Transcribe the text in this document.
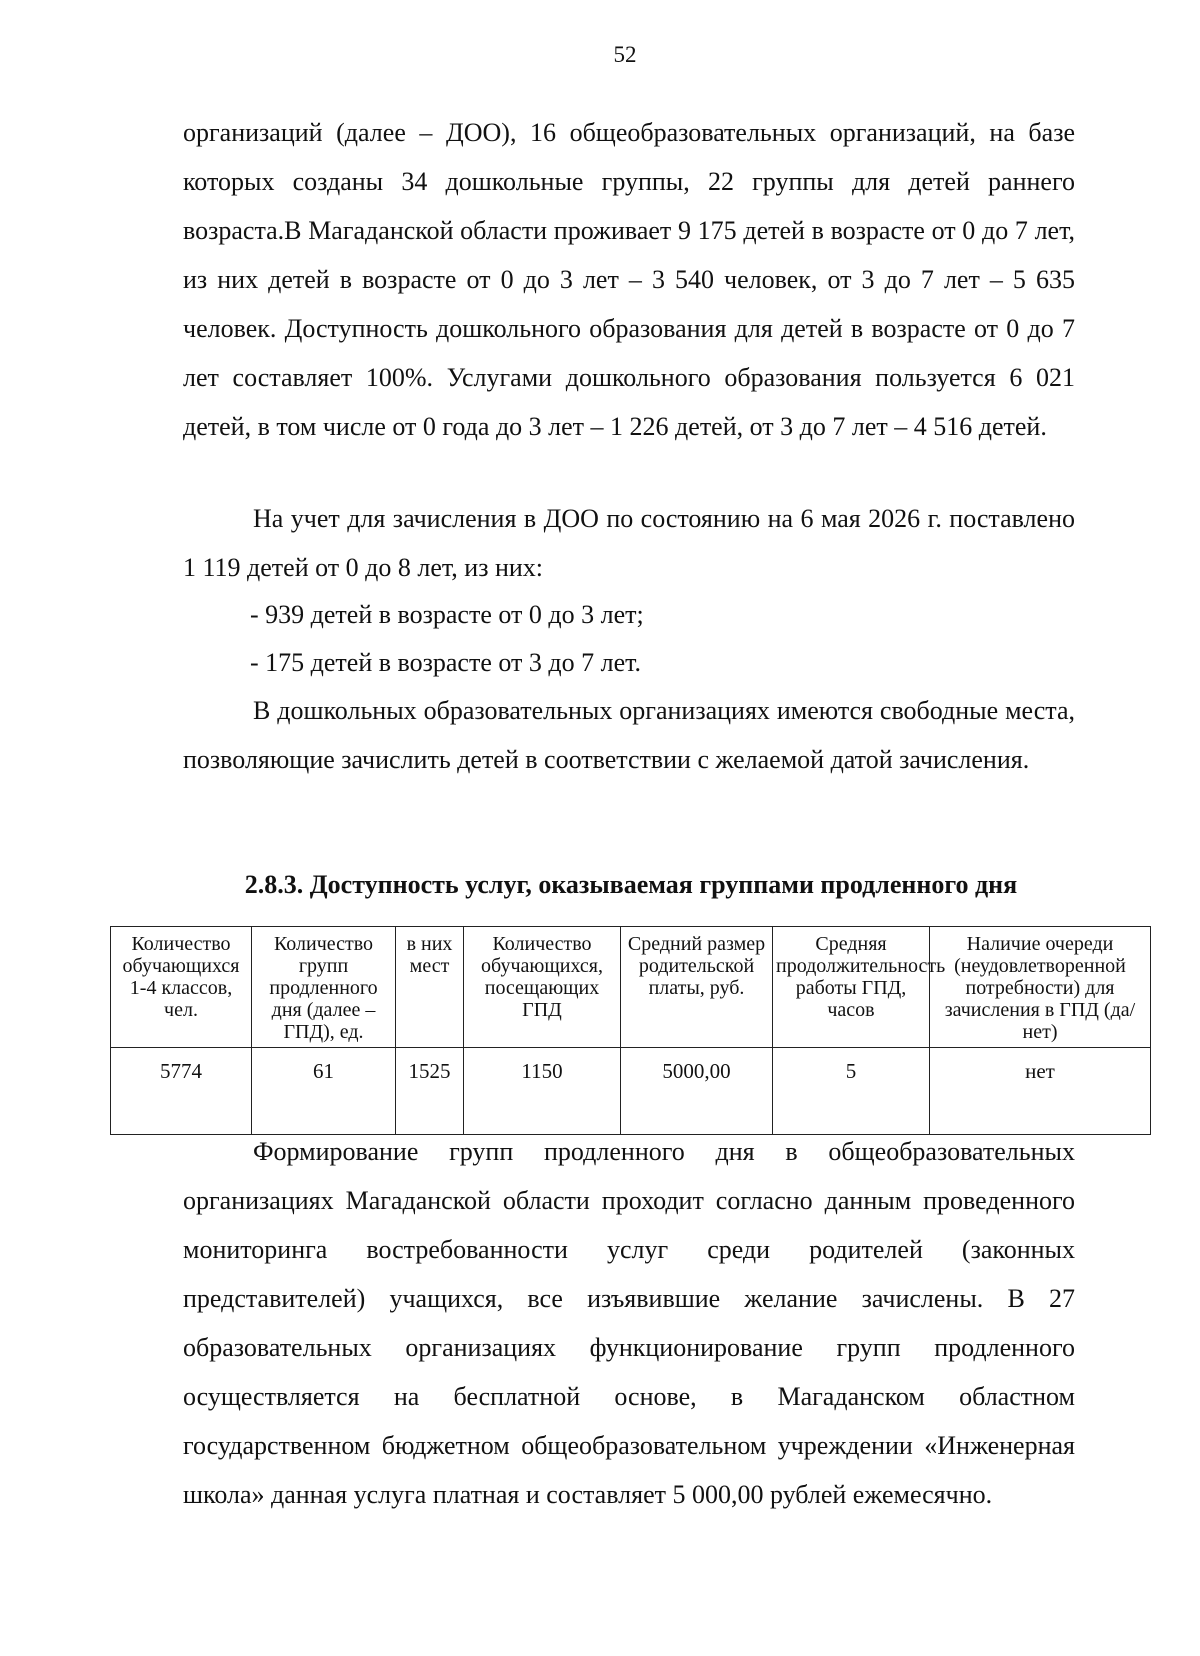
52
организаций (далее – ДОО), 16 общеобразовательных организаций, на базе которых созданы 34 дошкольные группы, 22 группы для детей раннего возраста.В Магаданской области проживает 9 175 детей в возрасте от 0 до 7 лет, из них детей в возрасте от 0 до 3 лет – 3 540 человек, от 3 до 7 лет – 5 635 человек. Доступность дошкольного образования для детей в возрасте от 0 до 7 лет составляет 100%. Услугами дошкольного образования пользуется 6 021 детей, в том числе от 0 года до 3 лет – 1 226 детей, от 3 до 7 лет – 4 516 детей.
На учет для зачисления в ДОО по состоянию на 6 мая 2026 г. поставлено 1 119 детей от 0 до 8 лет, из них:
- 939 детей в возрасте от 0 до 3 лет;
- 175 детей в возрасте от 3 до 7 лет.
В дошкольных образовательных организациях имеются свободные места, позволяющие зачислить детей в соответствии с желаемой датой зачисления.
2.8.3. Доступность услуг, оказываемая группами продленного дня
Количество обучающихся 1-4 классов, чел.	Количество групп продленного дня (далее – ГПД), ед.	в них мест	Количество обучающихся, посещающих ГПД	Средний размер родительской платы, руб.	Средняя продолжительность работы ГПД, часов	Наличие очереди (неудовлетворенной потребности) для зачисления в ГПД (да/нет)
5774	61	1525	1150	5000,00	5	нет
Формирование групп продленного дня в общеобразовательных организациях Магаданской области проходит согласно данным проведенного мониторинга востребованности услуг среди родителей (законных представителей) учащихся, все изъявившие желание зачислены. В 27 образовательных организациях функционирование групп продленного осуществляется на бесплатной основе, в Магаданском областном государственном бюджетном общеобразовательном учреждении «Инженерная школа» данная услуга платная и составляет 5 000,00 рублей ежемесячно.
